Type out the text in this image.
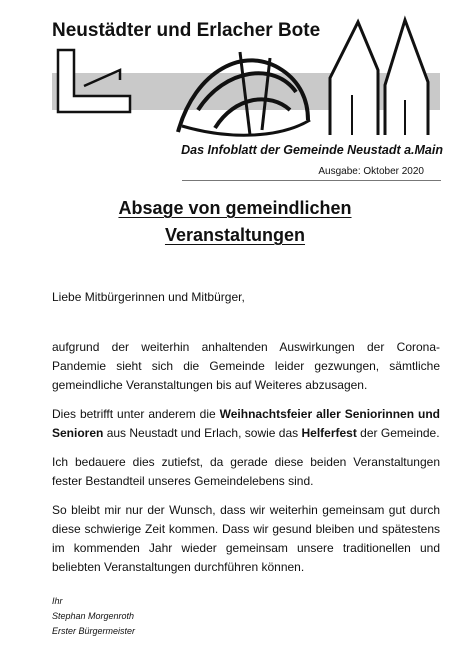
Neustädter und Erlacher Bote
Das Infoblatt der Gemeinde Neustadt a.Main
Ausgabe: Oktober 2020
Absage von gemeindlichen
Veranstaltungen

Liebe Mitbürgerinnen und Mitbürger,

aufgrund der weiterhin anhaltenden Auswirkungen der Corona-Pandemie sieht sich die Gemeinde leider gezwungen, sämtliche gemeindliche Veranstaltungen bis auf Weiteres abzusagen.

Dies betrifft unter anderem die Weihnachtsfeier aller Seniorinnen und Senioren aus Neustadt und Erlach, sowie das Helferfest der Gemeinde.

Ich bedauere dies zutiefst, da gerade diese beiden Veranstaltungen fester Bestandteil unseres Gemeindelebens sind.

So bleibt mir nur der Wunsch, dass wir weiterhin gemeinsam gut durch diese schwierige Zeit kommen. Dass wir gesund bleiben und spätestens im kommenden Jahr wieder gemeinsam unsere traditionellen und beliebten Veranstaltungen durchführen können.

Ihr
Stephan Morgenroth
Erster Bürgermeister
